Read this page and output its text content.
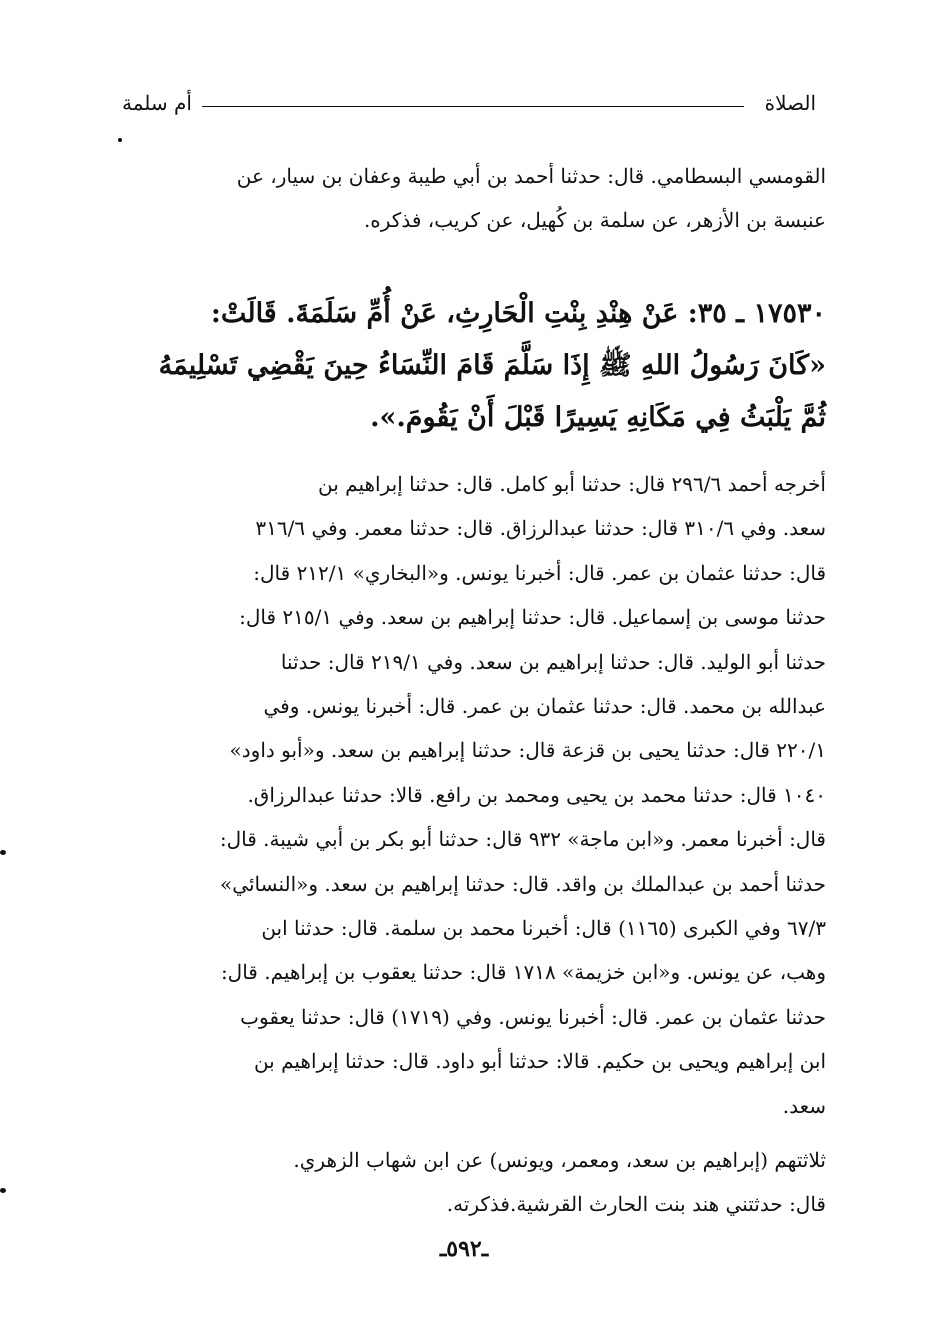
الصلاة
أم سلمة
القومسي البسطامي. قال: حدثنا أحمد بن أبي طيبة وعفان بن سيار، عن
عنبسة بن الأزهر، عن سلمة بن كُهيل، عن كريب، فذكره.
١٧٥٣٠ ـ ٣٥: عَنْ هِنْدِ بِنْتِ الْحَارِثِ، عَنْ أُمِّ سَلَمَةَ. قَالَتْ:
«كَانَ رَسُولُ اللهِ ﷺ إِذَا سَلَّمَ قَامَ النِّسَاءُ حِينَ يَقْضِي تَسْلِيمَهُ
ثُمَّ يَلْبَثُ فِي مَكَانِهِ يَسِيرًا قَبْلَ أَنْ يَقُومَ.».
أخرجه أحمد ٢٩٦/٦ قال: حدثنا أبو كامل. قال: حدثنا إبراهيم بن
سعد. وفي ٣١٠/٦ قال: حدثنا عبدالرزاق. قال: حدثنا معمر. وفي ٣١٦/٦
قال: حدثنا عثمان بن عمر. قال: أخبرنا يونس. و«البخاري» ٢١٢/١ قال:
حدثنا موسى بن إسماعيل. قال: حدثنا إبراهيم بن سعد. وفي ٢١٥/١ قال:
حدثنا أبو الوليد. قال: حدثنا إبراهيم بن سعد. وفي ٢١٩/١ قال: حدثنا
عبدالله بن محمد. قال: حدثنا عثمان بن عمر. قال: أخبرنا يونس. وفي
٢٢٠/١ قال: حدثنا يحيى بن قزعة قال: حدثنا إبراهيم بن سعد. و«أبو داود»
١٠٤٠ قال: حدثنا محمد بن يحيى ومحمد بن رافع. قالا: حدثنا عبدالرزاق.
قال: أخبرنا معمر. و«ابن ماجة» ٩٣٢ قال: حدثنا أبو بكر بن أبي شيبة. قال:
حدثنا أحمد بن عبدالملك بن واقد. قال: حدثنا إبراهيم بن سعد. و«النسائي»
٦٧/٣ وفي الكبرى (١١٦٥) قال: أخبرنا محمد بن سلمة. قال: حدثنا ابن
وهب، عن يونس. و«ابن خزيمة» ١٧١٨ قال: حدثنا يعقوب بن إبراهيم. قال:
حدثنا عثمان بن عمر. قال: أخبرنا يونس. وفي (١٧١٩) قال: حدثنا يعقوب
ابن إبراهيم ويحيى بن حكيم. قالا: حدثنا أبو داود. قال: حدثنا إبراهيم بن
سعد.
ثلاثتهم (إبراهيم بن سعد، ومعمر، ويونس) عن ابن شهاب الزهري.
قال: حدثتني هند بنت الحارث القرشية.فذكرته.
ـ٥٩٢ـ
